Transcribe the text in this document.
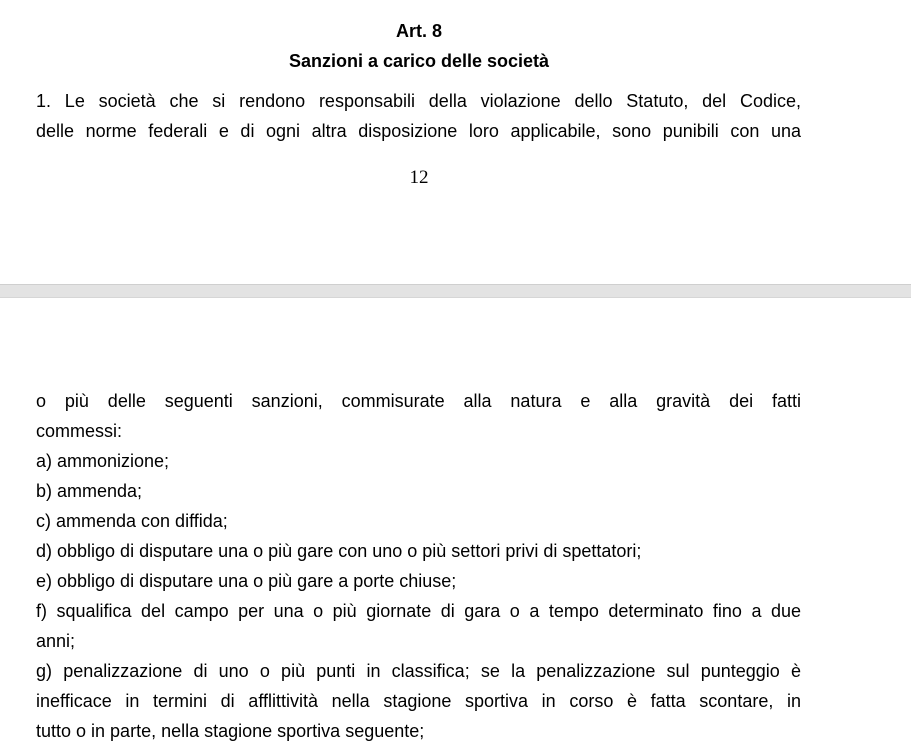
Art. 8
Sanzioni a carico delle società
1. Le società che si rendono responsabili della violazione dello Statuto, del Codice,
delle norme federali e di ogni altra disposizione loro applicabile, sono punibili con una
12
o più delle seguenti sanzioni, commisurate alla natura e alla gravità dei fatti
commessi:
a) ammonizione;
b) ammenda;
c) ammenda con diffida;
d) obbligo di disputare una o più gare con uno o più settori privi di spettatori;
e) obbligo di disputare una o più gare a porte chiuse;
f) squalifica del campo per una o più giornate di gara o a tempo determinato fino a due
anni;
g) penalizzazione di uno o più punti in classifica; se la penalizzazione sul punteggio è
inefficace in termini di afflittività nella stagione sportiva in corso è fatta scontare, in
tutto o in parte, nella stagione sportiva seguente;
